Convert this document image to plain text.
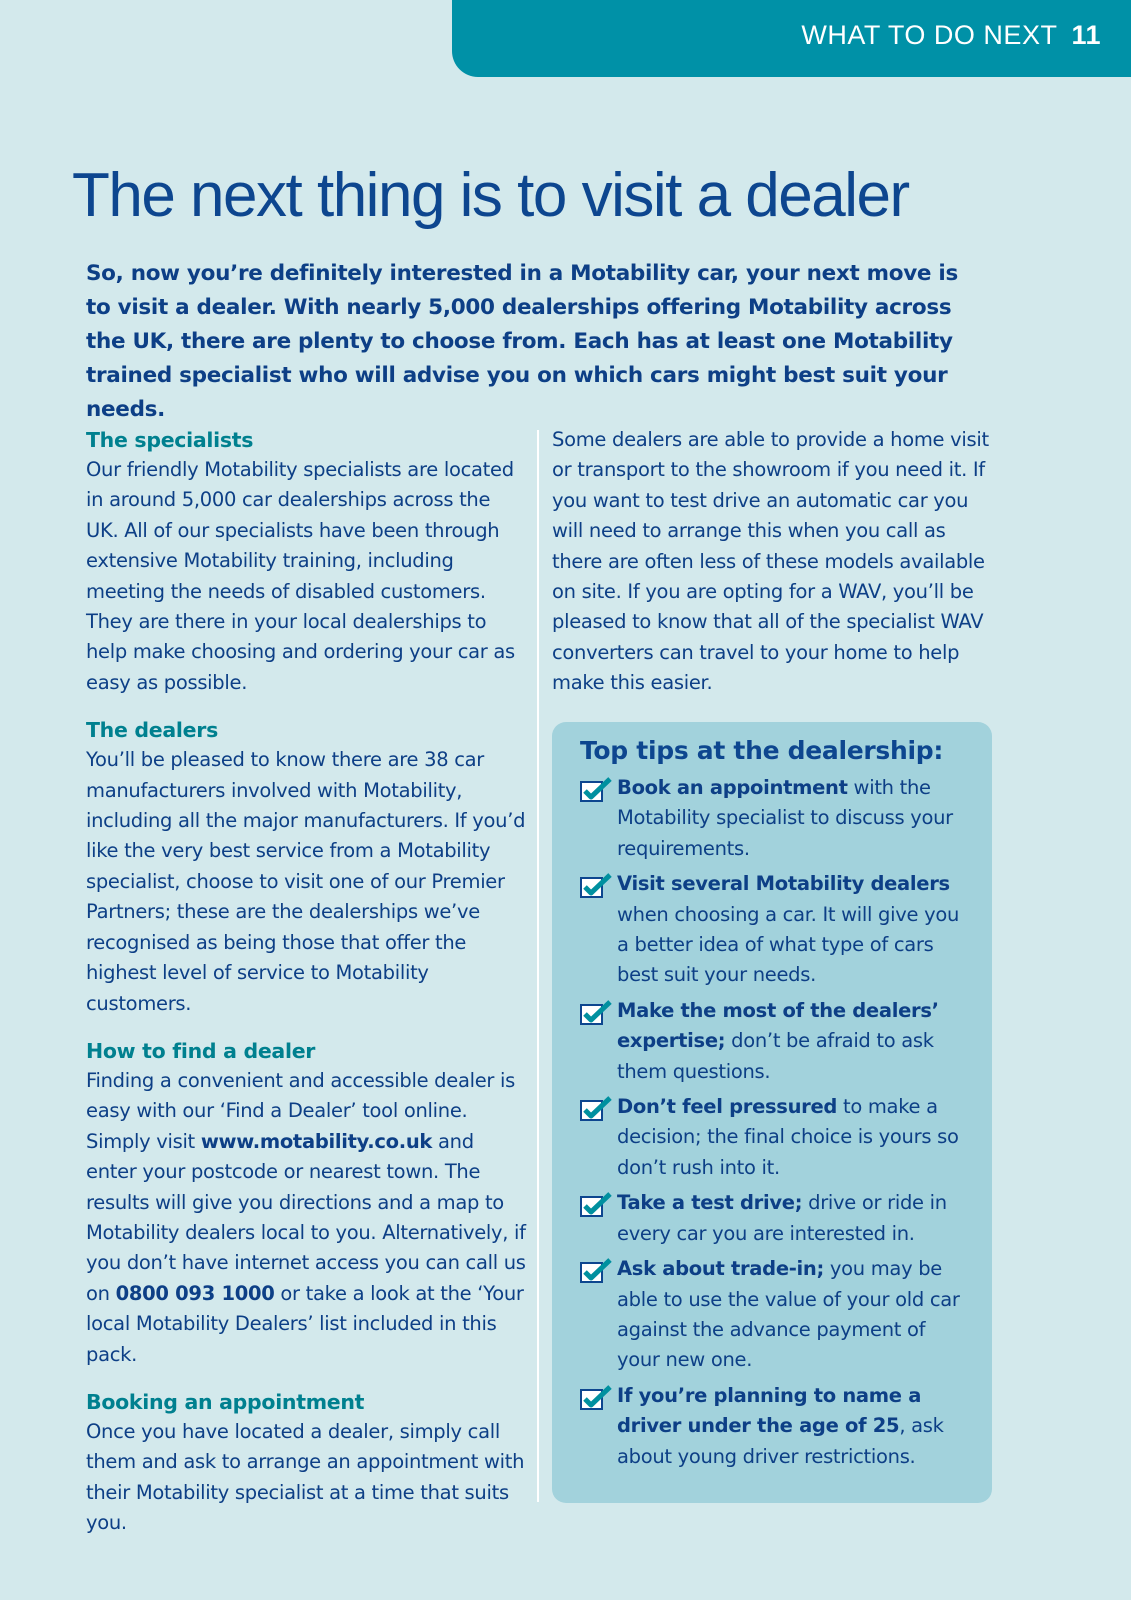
WHAT TO DO NEXT 11
The next thing is to visit a dealer

So, now you’re definitely interested in a Motability car, your next move is to visit a dealer. With nearly 5,000 dealerships offering Motability across the UK, there are plenty to choose from. Each has at least one Motability trained specialist who will advise you on which cars might best suit your needs.

The specialists

Our friendly Motability specialists are located in around 5,000 car dealerships across the UK. All of our specialists have been through extensive Motability training, including meeting the needs of disabled customers. They are there in your local dealerships to help make choosing and ordering your car as easy as possible.

The dealers

You’ll be pleased to know there are 38 car manufacturers involved with Motability, including all the major manufacturers. If you’d like the very best service from a Motability specialist, choose to visit one of our Premier Partners; these are the dealerships we’ve recognised as being those that offer the highest level of service to Motability customers.

How to find a dealer

Finding a convenient and accessible dealer is easy with our ‘Find a Dealer’ tool online. Simply visit www.motability.co.uk and enter your postcode or nearest town. The results will give you directions and a map to Motability dealers local to you. Alternatively, if you don’t have internet access you can call us on 0800 093 1000 or take a look at the ‘Your local Motability Dealers’ list included in this pack.

Booking an appointment

Once you have located a dealer, simply call them and ask to arrange an appointment with their Motability specialist at a time that suits you.

Some dealers are able to provide a home visit or transport to the showroom if you need it. If you want to test drive an automatic car you will need to arrange this when you call as there are often less of these models available on site. If you are opting for a WAV, you’ll be pleased to know that all of the specialist WAV converters can travel to your home to help make this easier.

Top tips at the dealership:
Book an appointment with the Motability specialist to discuss your requirements.
Visit several Motability dealers when choosing a car. It will give you a better idea of what type of cars best suit your needs.
Make the most of the dealers’ expertise; don’t be afraid to ask them questions.
Don’t feel pressured to make a decision; the final choice is yours so don’t rush into it.
Take a test drive; drive or ride in every car you are interested in.
Ask about trade-in; you may be able to use the value of your old car against the advance payment of your new one.
If you’re planning to name a driver under the age of 25, ask about young driver restrictions.
